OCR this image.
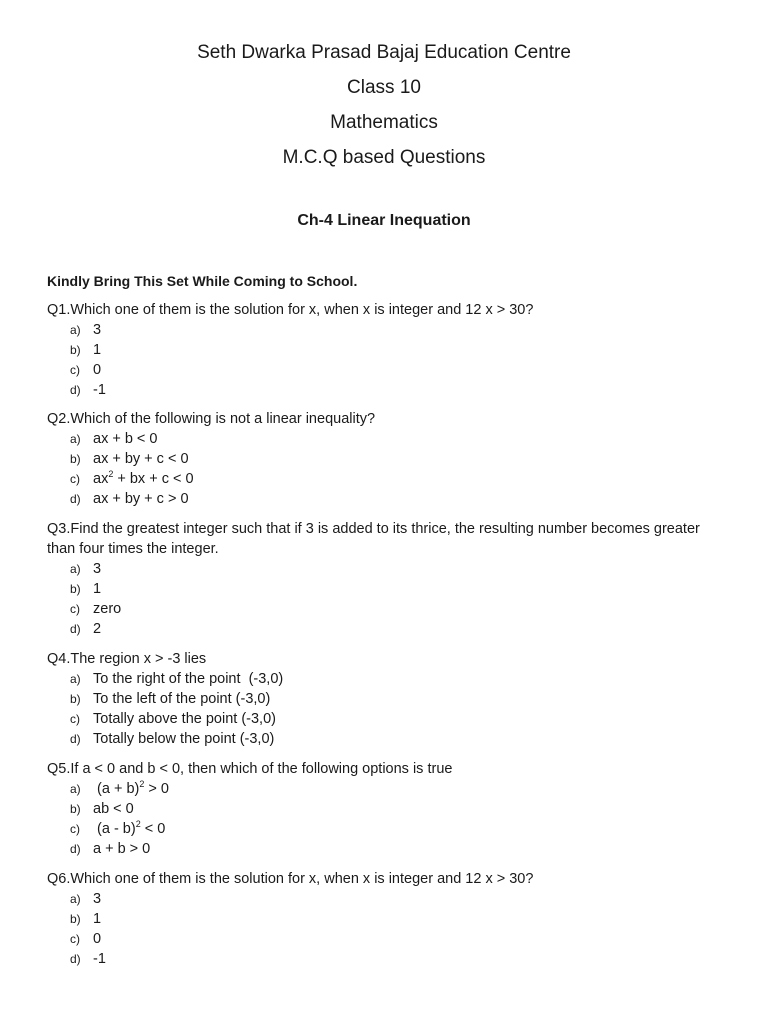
Seth Dwarka Prasad Bajaj Education Centre
Class 10
Mathematics
M.C.Q based Questions
Ch-4 Linear Inequation
Kindly Bring This Set While Coming to School.

Q1.Which one of them is the solution for x, when x is integer and 12 x > 30?

a) 3
b) 1
c) 0
d) -1

Q2.Which of the following is not a linear inequality?

a) ax + b < 0
b) ax + by + c < 0
c) $ax^2$ + bx + c < 0
d) ax + by + c > 0

Q3.Find the greatest integer such that if 3 is added to its thrice, the resulting number becomes greater than four times the integer.

a) 3
b) 1
c) zero
d) 2

Q4.The region x > -3 lies

a) To the right of the point  (-3,0)
b) To the left of the point (-3,0)
c) Totally above the point (-3,0)
d) Totally below the point (-3,0)

Q5.If a < 0 and b < 0, then which of the following options is true

a) $(a + b)^2 > 0$
b) ab < 0
c) (a - b)$^2$ < 0
d) a + b > 0

Q6.Which one of them is the solution for x, when x is integer and 12 x > 30?

a) 3
b) 1
c) 0
d) -1
